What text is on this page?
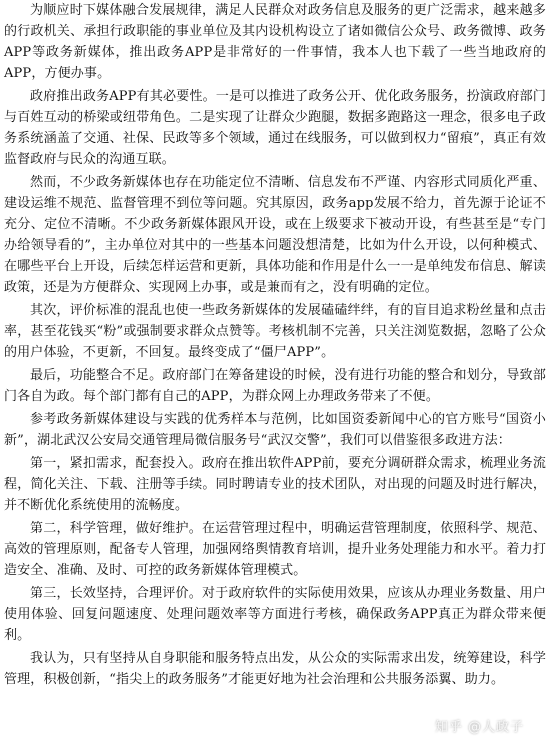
为顺应时下媒体融合发展规律，满足人民群众对政务信息及服务的更广泛需求，越来越多的行政机关、承担行政职能的事业单位及其内设机构设立了诸如微信公众号、政务微博、政务APP等政务新媒体，推出政务APP是非常好的一件事情，我本人也下载了一些当地政府的APP，方便办事。

政府推出政务APP有其必要性。一是可以推进了政务公开、优化政务服务，扮演政府部门与百姓互动的桥梁或纽带角色。二是实现了让群众少跑腿，数据多跑路这一理念，很多电子政务系统涵盖了交通、社保、民政等多个领域，通过在线服务，可以做到权力“留痕”，真正有效监督政府与民众的沟通互联。

然而，不少政务新媒体也存在功能定位不清晰、信息发布不严谨、内容形式同质化严重、建设运维不规范、监督管理不到位等问题。究其原因，政务app发展不给力，首先源于论证不充分、定位不清晰。不少政务新媒体跟风开设，或在上级要求下被动开设，有些甚至是“专门办给领导看的”，主办单位对其中的一些基本问题没想清楚，比如为什么开设，以何种模式、在哪些平台上开设，后续怎样运营和更新，具体功能和作用是什么一一是单纯发布信息、解读政策，还是为方便群众、实现网上办事，或是兼而有之，没有明确的定位。

其次，评价标准的混乱也使一些政务新媒体的发展磕磕绊绊，有的盲目追求粉丝量和点击率，甚至花钱买“粉”或强制要求群众点赞等。考核机制不完善，只关注浏览数据，忽略了公众的用户体验，不更新，不回复。最终变成了“僵尸APP”。

最后，功能整合不足。政府部门在筹备建设的时候，没有进行功能的整合和划分，导致部门各自为政。每个部门都有自己的APP，为群众网上办理政务带来了不便。

参考政务新媒体建设与实践的优秀样本与范例，比如国资委新闻中心的官方账号“国资小新”，湖北武汉公安局交通管理局微信服务号“武汉交警”，我们可以借鉴很多政进方法：

第一，紧扣需求，配套投入。政府在推出软件APP前，要充分调研群众需求，梳理业务流程，简化关注、下载、注册等手续。同时聘请专业的技术团队，对出现的问题及时进行解决，并不断优化系统使用的流畅度。

第二，科学管理，做好维护。在运营管理过程中，明确运营管理制度，依照科学、规范、高效的管理原则，配备专人管理，加强网络舆情教育培训，提升业务处理能力和水平。着力打造安全、准确、及时、可控的政务新媒体管理模式。

第三，长效坚持，合理评价。对于政府软件的实际使用效果，应该从办理业务数量、用户使用体验、回复问题速度、处理问题效率等方面进行考核，确保政务APP真正为群众带来便利。

我认为，只有坚持从自身职能和服务特点出发，从公众的实际需求出发，统筹建设，科学管理，积极创新，“指尖上的政务服务”才能更好地为社会治理和公共服务添翼、助力。

知乎 @人政子
